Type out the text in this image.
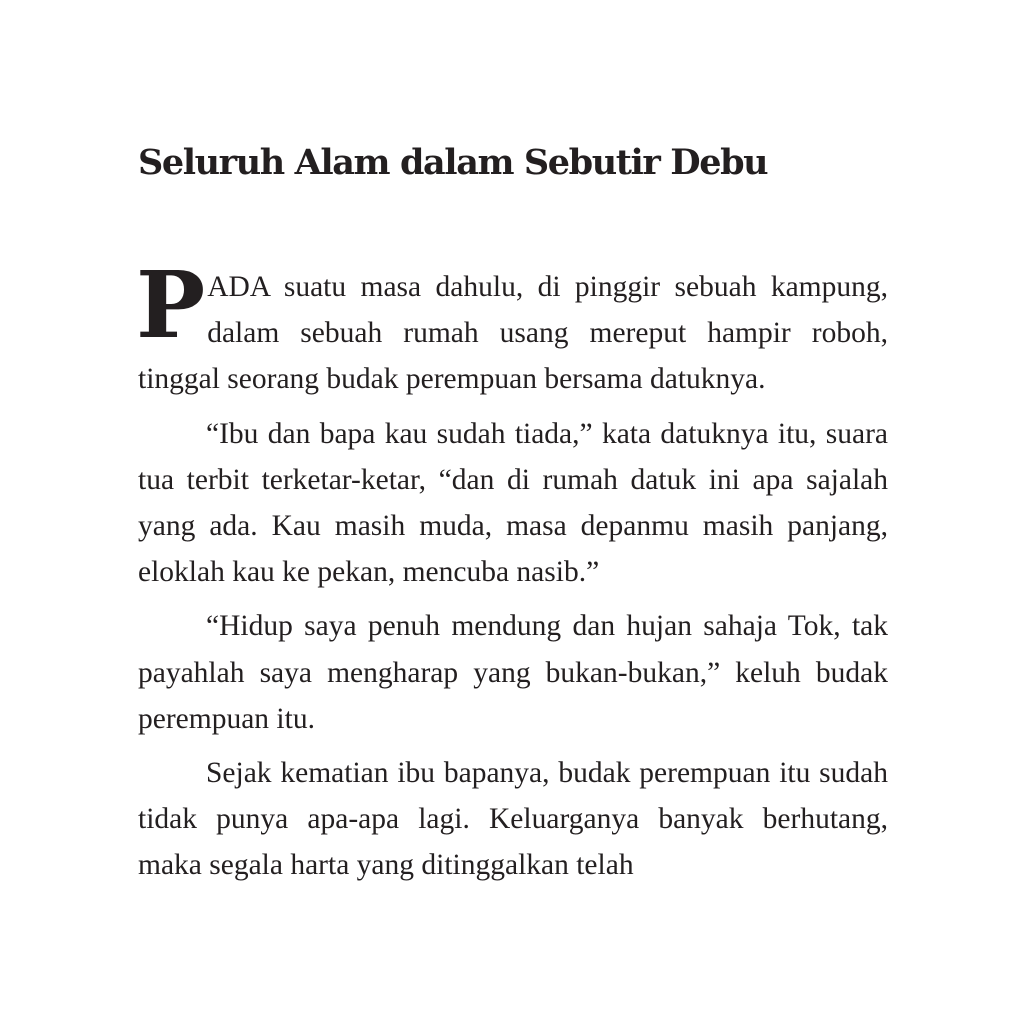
Seluruh Alam dalam Sebutir Debu

PADA suatu masa dahulu, di pinggir sebuah kampung, dalam sebuah rumah usang mereput hampir roboh, tinggal seorang budak perempuan bersama datuknya.

“Ibu dan bapa kau sudah tiada,” kata datuknya itu, suara tua terbit terketar-ketar, “dan di rumah datuk ini apa sajalah yang ada. Kau masih muda, masa depanmu masih panjang, eloklah kau ke pekan, mencuba nasib.”

“Hidup saya penuh mendung dan hujan sahaja Tok, tak payahlah saya mengharap yang bukan-bukan,” keluh budak perempuan itu.

Sejak kematian ibu bapanya, budak perempuan itu sudah tidak punya apa-apa lagi. Keluarganya banyak berhutang, maka segala harta yang ditinggalkan telah
